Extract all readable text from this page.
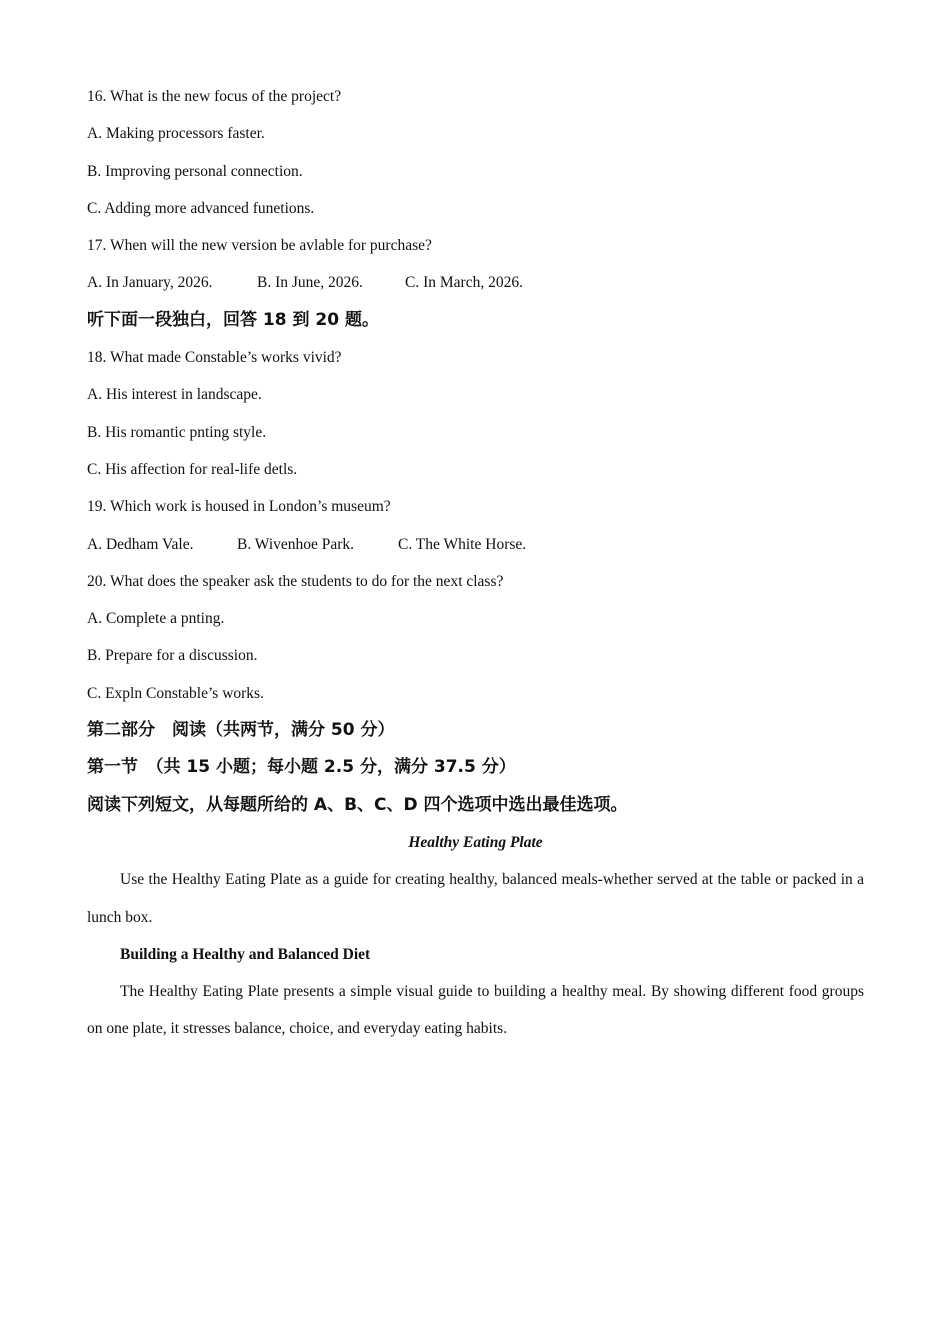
16. What is the new focus of the project?
A. Making processors faster.
B. Improving personal connection.
C. Adding more advanced funetions.
17. When will the new version be avlable for purchase?
A. In January, 2026.	B. In June, 2026.	C. In March, 2026.
听下面一段独白，回答 18 到 20 题。
18. What made Constable’s works vivid?
A. His interest in landscape.
B. His romantic pnting style.
C. His affection for real-life detls.
19. Which work is housed in London’s museum?
A. Dedham Vale.	B. Wivenhoe Park.	C. The White Horse.
20. What does the speaker ask the students to do for the next class?
A. Complete a pnting.
B. Prepare for a discussion.
C. Expln Constable’s works.
第二部分　阅读（共两节，满分 50 分）
第一节　（共 15 小题；每小题 2.5 分，满分 37.5 分）
阅读下列短文，从每题所给的 A、B、C、D 四个选项中选出最佳选项。
Healthy Eating Plate
Use the Healthy Eating Plate as a guide for creating healthy, balanced meals-whether served at the table or packed in a lunch box.
Building a Healthy and Balanced Diet
The Healthy Eating Plate presents a simple visual guide to building a healthy meal. By showing different food groups on one plate, it stresses balance, choice, and everyday eating habits.
